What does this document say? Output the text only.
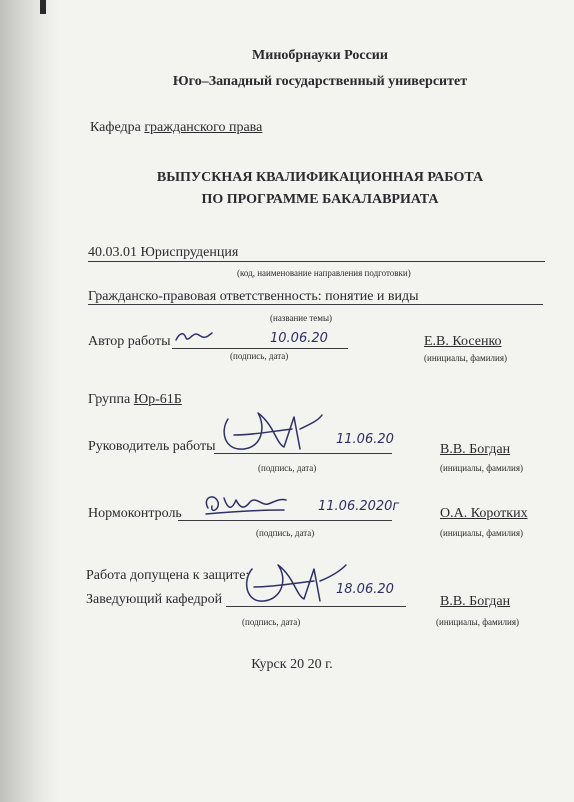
Минобрнауки России
Юго–Западный государственный университет
Кафедра гражданского права
ВЫПУСКНАЯ КВАЛИФИКАЦИОННАЯ РАБОТА
ПО ПРОГРАММЕ БАКАЛАВРИАТА
40.03.01 Юриспруденция
(код, наименование направления подготовки)
Гражданско-правовая ответственность: понятие и виды
(название темы)
Автор работы	10.06.20
(подпись, дата)
Е.В. Косенко
(инициалы, фамилия)
Группа Юр-61Б
Руководитель работы	11.06.20
(подпись, дата)
В.В. Богдан
(инициалы, фамилия)
Нормоконтроль	11.06.2020г
(подпись, дата)
О.А. Коротких
(инициалы, фамилия)
Работа допущена к защите:
Заведующий кафедрой
18.06.20
(подпись, дата)
В.В. Богдан
(инициалы, фамилия)
Курск 20 20 г.
